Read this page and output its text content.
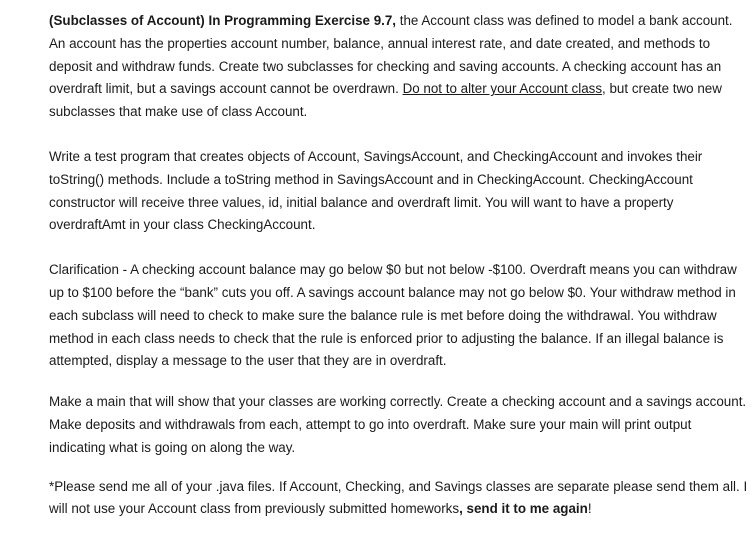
(Subclasses of Account) In Programming Exercise 9.7, the Account class was defined to model a bank account. An account has the properties account number, balance, annual interest rate, and date created, and methods to deposit and withdraw funds. Create two subclasses for checking and saving accounts. A checking account has an overdraft limit, but a savings account cannot be overdrawn. Do not to alter your Account class, but create two new subclasses that make use of class Account.

Write a test program that creates objects of Account, SavingsAccount, and CheckingAccount and invokes their toString() methods. Include a toString method in SavingsAccount and in CheckingAccount. CheckingAccount constructor will receive three values, id, initial balance and overdraft limit. You will want to have a property overdraftAmt in your class CheckingAccount.

Clarification - A checking account balance may go below $0 but not below -$100. Overdraft means you can withdraw up to $100 before the “bank” cuts you off. A savings account balance may not go below $0. Your withdraw method in each subclass will need to check to make sure the balance rule is met before doing the withdrawal. You withdraw method in each class needs to check that the rule is enforced prior to adjusting the balance. If an illegal balance is attempted, display a message to the user that they are in overdraft.

Make a main that will show that your classes are working correctly. Create a checking account and a savings account. Make deposits and withdrawals from each, attempt to go into overdraft. Make sure your main will print output indicating what is going on along the way.

*Please send me all of your .java files. If Account, Checking, and Savings classes are separate please send them all. I will not use your Account class from previously submitted homeworks, send it to me again!
